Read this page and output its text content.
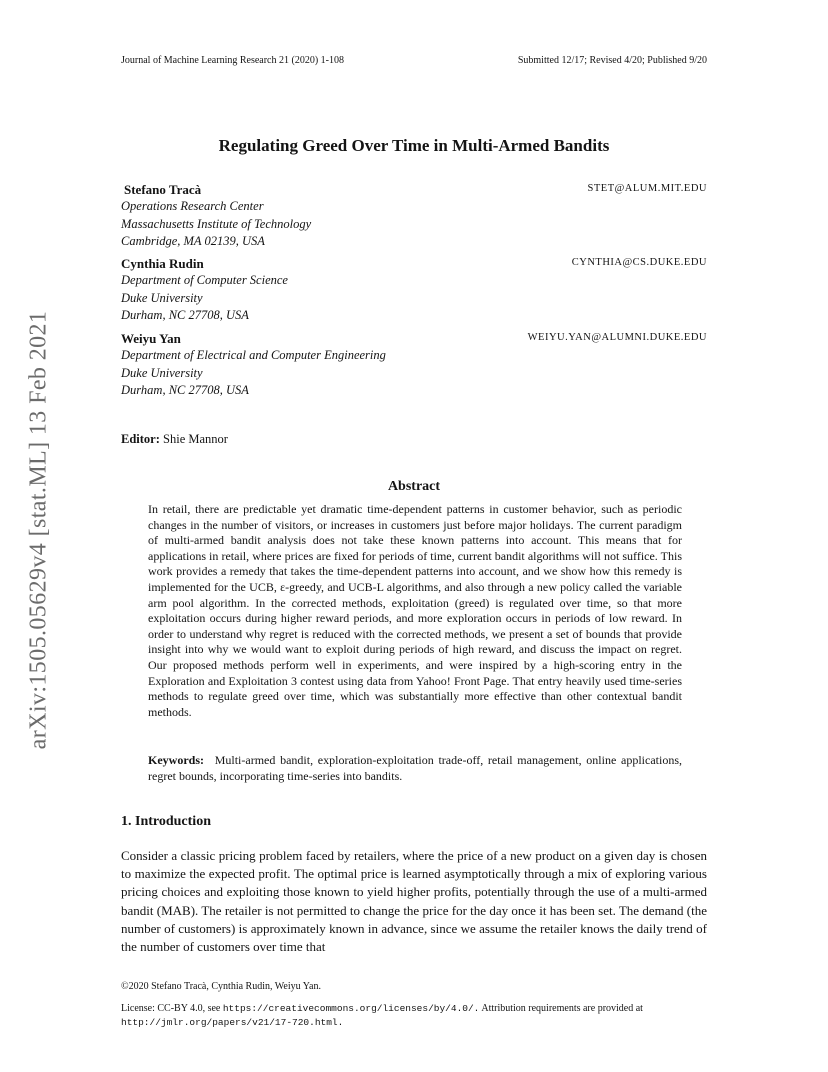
Journal of Machine Learning Research 21 (2020) 1-108	Submitted 12/17; Revised 4/20; Published 9/20
arXiv:1505.05629v4 [stat.ML] 13 Feb 2021
Regulating Greed Over Time in Multi-Armed Bandits
Stefano Tracà	STET@ALUM.MIT.EDU
Operations Research Center
Massachusetts Institute of Technology
Cambridge, MA 02139, USA
Cynthia Rudin	CYNTHIA@CS.DUKE.EDU
Department of Computer Science
Duke University
Durham, NC 27708, USA
Weiyu Yan	WEIYU.YAN@ALUMNI.DUKE.EDU
Department of Electrical and Computer Engineering
Duke University
Durham, NC 27708, USA
Editor: Shie Mannor
Abstract
In retail, there are predictable yet dramatic time-dependent patterns in customer behavior, such as periodic changes in the number of visitors, or increases in customers just before major holidays. The current paradigm of multi-armed bandit analysis does not take these known patterns into account. This means that for applications in retail, where prices are fixed for periods of time, current bandit algorithms will not suffice. This work provides a remedy that takes the time-dependent patterns into account, and we show how this remedy is implemented for the UCB, ε-greedy, and UCB-L algorithms, and also through a new policy called the variable arm pool algorithm. In the corrected methods, exploitation (greed) is regulated over time, so that more exploitation occurs during higher reward periods, and more exploration occurs in periods of low reward. In order to understand why regret is reduced with the corrected methods, we present a set of bounds that provide insight into why we would want to exploit during periods of high reward, and discuss the impact on regret. Our proposed methods perform well in experiments, and were inspired by a high-scoring entry in the Exploration and Exploitation 3 contest using data from Yahoo! Front Page. That entry heavily used time-series methods to regulate greed over time, which was substantially more effective than other contextual bandit methods.
Keywords: Multi-armed bandit, exploration-exploitation trade-off, retail management, online applications, regret bounds, incorporating time-series into bandits.
1. Introduction
Consider a classic pricing problem faced by retailers, where the price of a new product on a given day is chosen to maximize the expected profit. The optimal price is learned asymptotically through a mix of exploring various pricing choices and exploiting those known to yield higher profits, potentially through the use of a multi-armed bandit (MAB). The retailer is not permitted to change the price for the day once it has been set. The demand (the number of customers) is approximately known in advance, since we assume the retailer knows the daily trend of the number of customers over time that
©2020 Stefano Tracà, Cynthia Rudin, Weiyu Yan.
License: CC-BY 4.0, see https://creativecommons.org/licenses/by/4.0/. Attribution requirements are provided at
http://jmlr.org/papers/v21/17-720.html.
